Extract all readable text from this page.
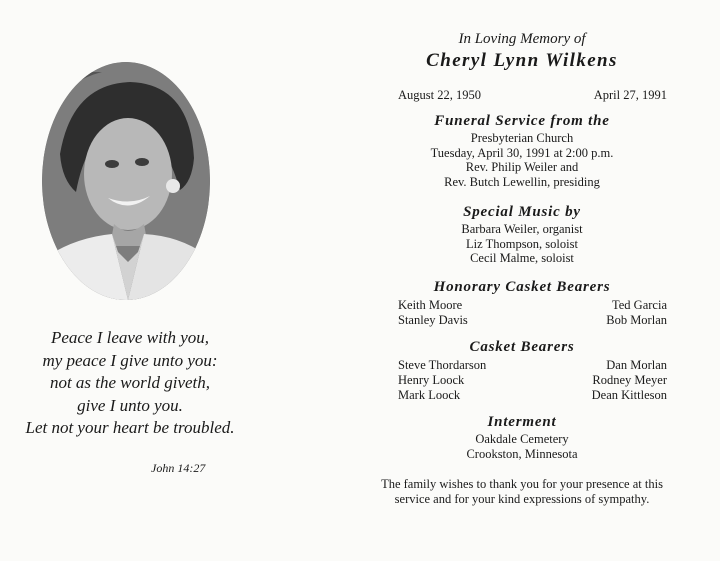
Peace I leave with you,
my peace I give unto you:
not as the world giveth,
give I unto you.
Let not your heart be troubled.
John 14:27
In Loving Memory of
Cheryl Lynn Wilkens
August 22, 1950	April 27, 1991
Funeral Service from the
Presbyterian Church
Tuesday, April 30, 1991 at 2:00 p.m.
Rev. Philip Weiler and
Rev. Butch Lewellin, presiding
Special Music by
Barbara Weiler, organist
Liz Thompson, soloist
Cecil Malme, soloist
Honorary Casket Bearers
Keith Moore	Ted Garcia
Stanley Davis	Bob Morlan
Casket Bearers
Steve Thordarson	Dan Morlan
Henry Loock	Rodney Meyer
Mark Loock	Dean Kittleson
Interment
Oakdale Cemetery
Crookston, Minnesota
The family wishes to thank you for your presence at this
service and for your kind expressions of sympathy.
